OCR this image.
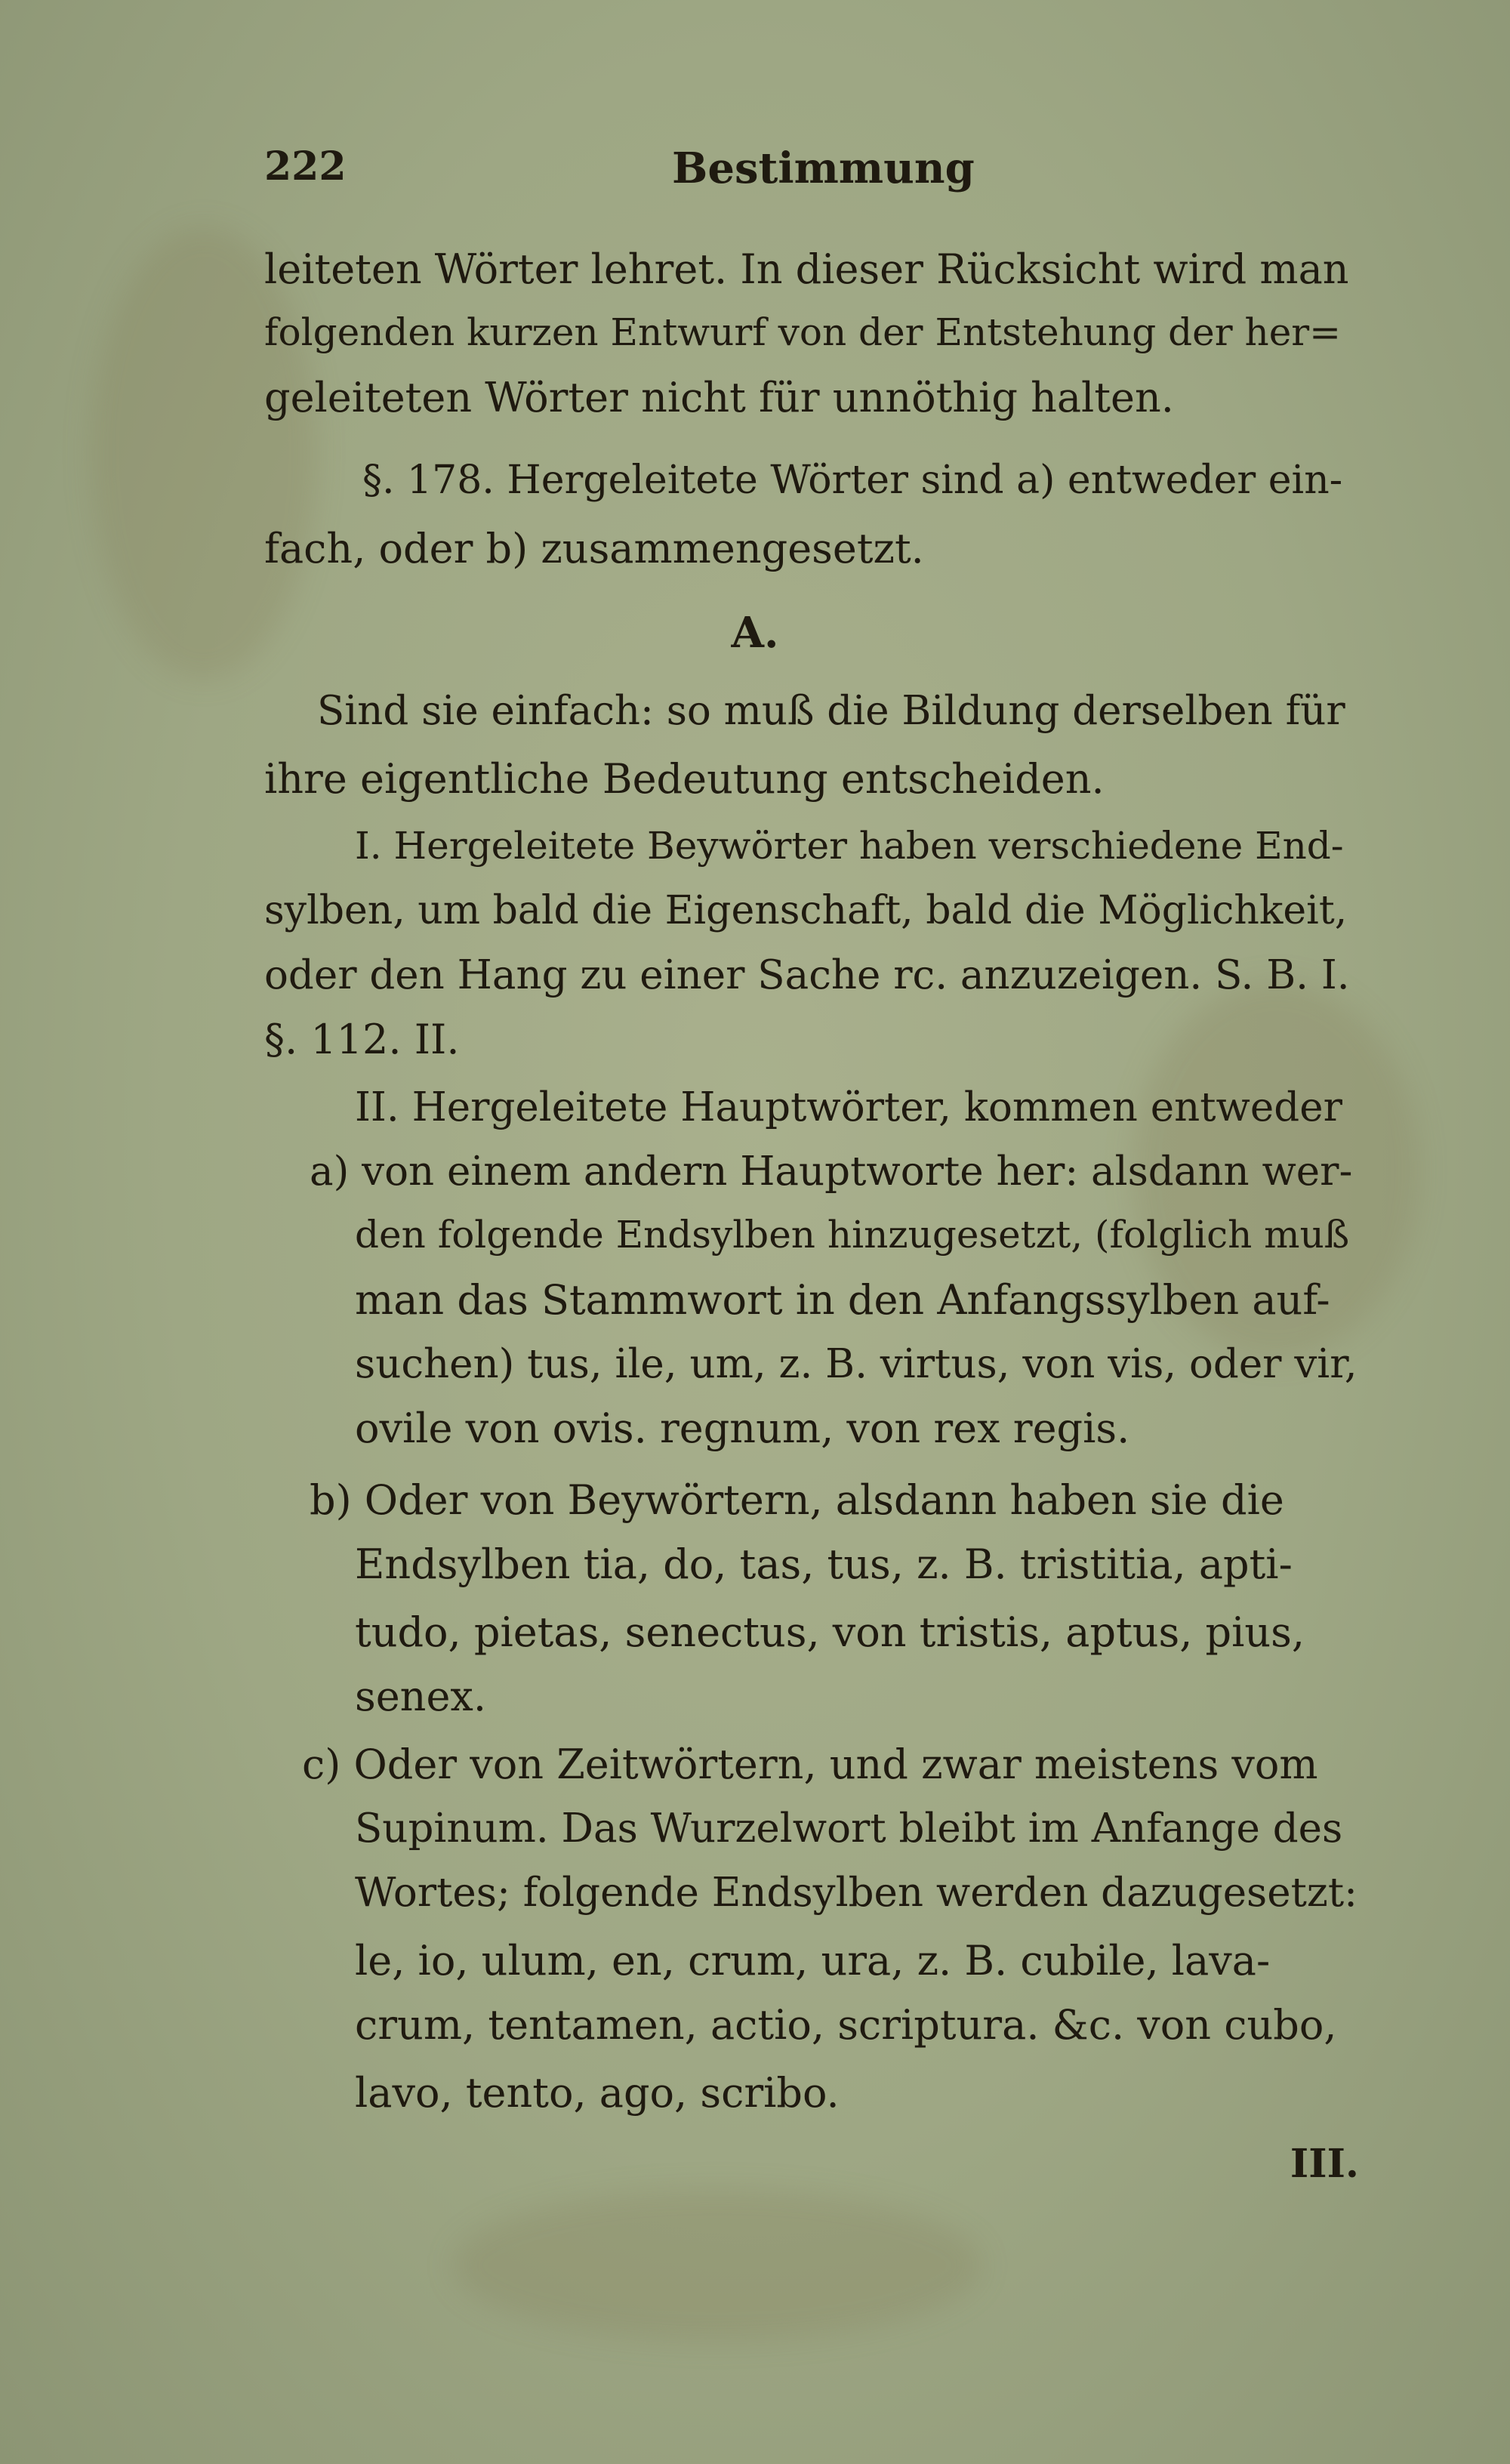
222	Bestimmung
leiteten Wörter lehret. In dieser Rücksicht wird man
folgenden kurzen Entwurf von der Entstehung der her=
geleiteten Wörter nicht für unnöthig halten.
§. 178. Hergeleitete Wörter sind a) entweder ein-
fach, oder b) zusammengesetzt.
A.
Sind sie einfach: so muß die Bildung derselben für
ihre eigentliche Bedeutung entscheiden.
I. Hergeleitete Beywörter haben verschiedene End-
sylben, um bald die Eigenschaft, bald die Möglichkeit,
oder den Hang zu einer Sache rc. anzuzeigen. S. B. I.
§. 112. II.
II. Hergeleitete Hauptwörter, kommen entweder
a) von einem andern Hauptworte her: alsdann wer-
den folgende Endsylben hinzugesetzt, (folglich muß
man das Stammwort in den Anfangssylben auf-
suchen) tus, ile, um, z. B. virtus, von vis, oder vir,
ovile von ovis. regnum, von rex regis.
b) Oder von Beywörtern, alsdann haben sie die
Endsylben tia, do, tas, tus, z. B. tristitia, apti-
tudo, pietas, senectus, von tristis, aptus, pius,
senex.
c) Oder von Zeitwörtern, und zwar meistens vom
Supinum. Das Wurzelwort bleibt im Anfange des
Wortes; folgende Endsylben werden dazugesetzt:
le, io, ulum, en, crum, ura, z. B. cubile, lava-
crum, tentamen, actio, scriptura. &c. von cubo,
lavo, tento, ago, scribo.
III.
